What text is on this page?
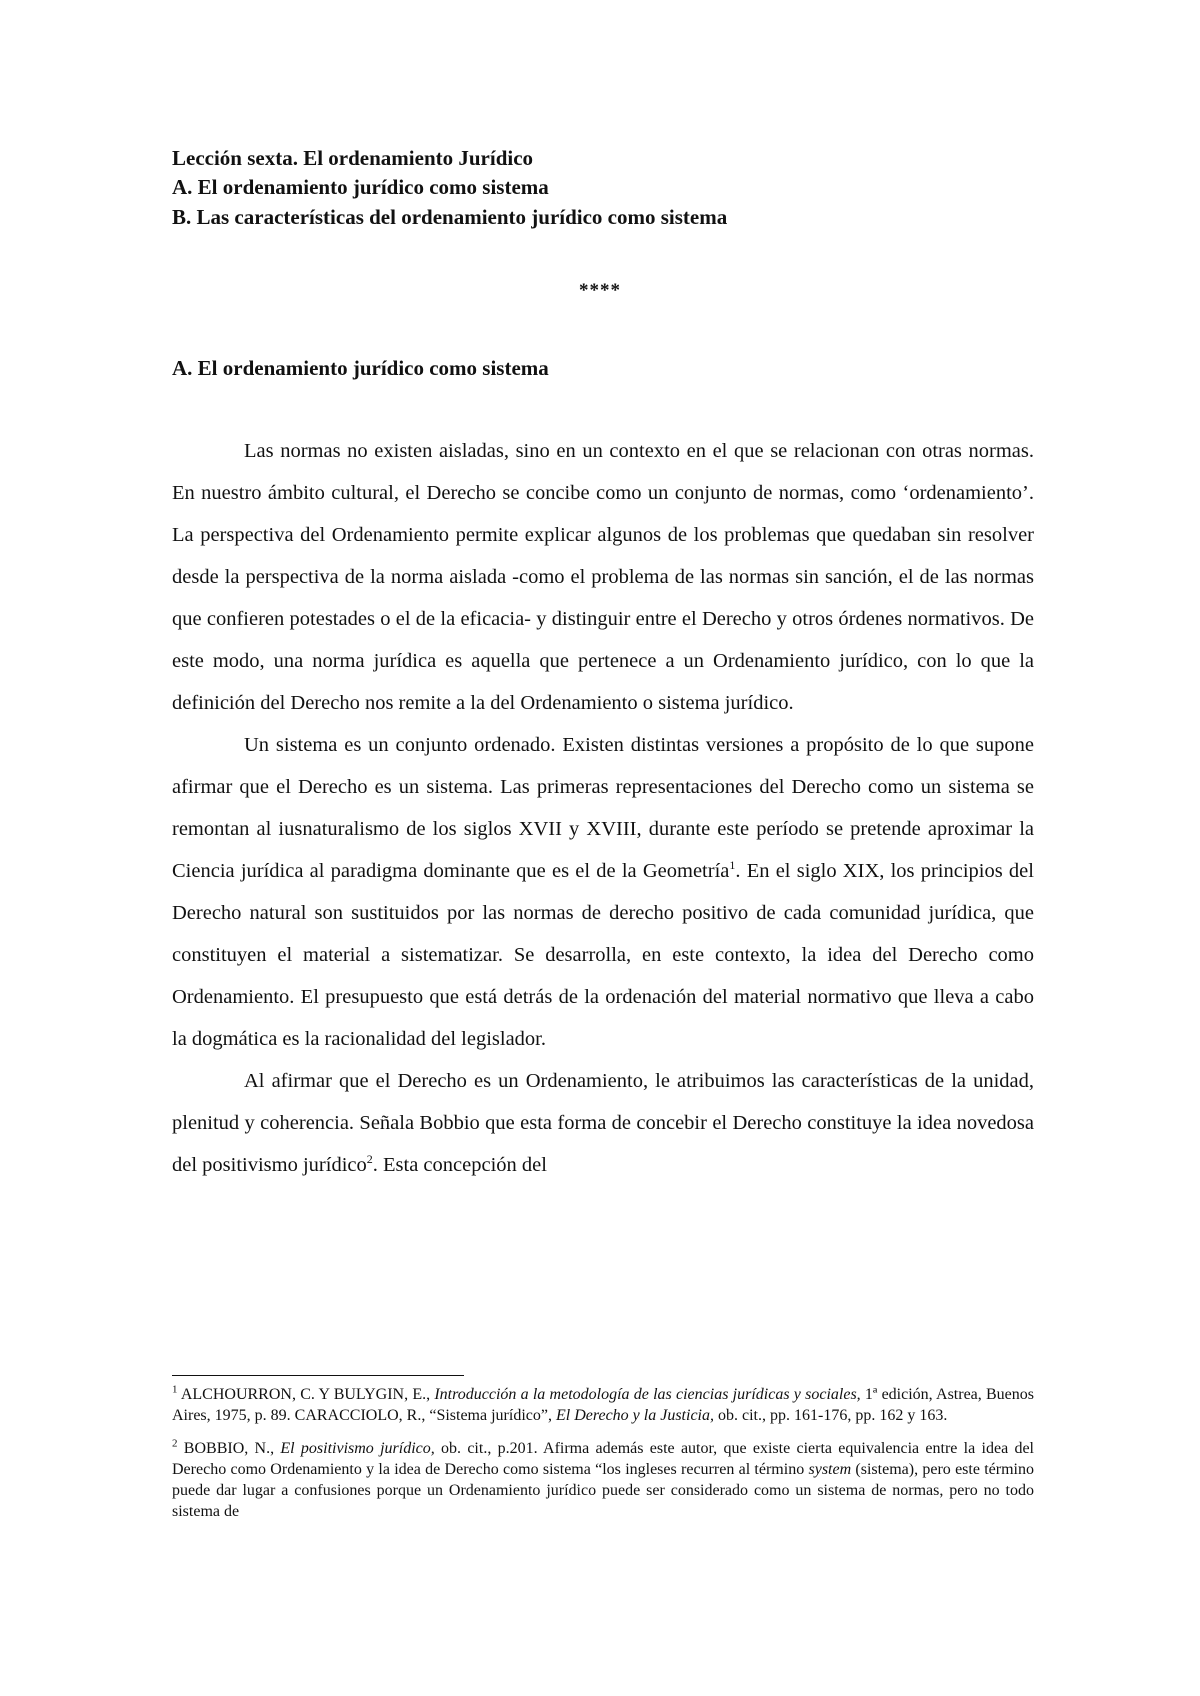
Lección sexta. El ordenamiento Jurídico
A. El ordenamiento jurídico como sistema
B. Las características del ordenamiento jurídico como sistema
****
A. El ordenamiento jurídico como sistema

Las normas no existen aisladas, sino en un contexto en el que se relacionan con otras normas. En nuestro ámbito cultural, el Derecho se concibe como un conjunto de normas, como ‘ordenamiento’. La perspectiva del Ordenamiento permite explicar algunos de los problemas que quedaban sin resolver desde la perspectiva de la norma aislada -como el problema de las normas sin sanción, el de las normas que confieren potestades o el de la eficacia- y distinguir entre el Derecho y otros órdenes normativos. De este modo, una norma jurídica es aquella que pertenece a un Ordenamiento jurídico, con lo que la definición del Derecho nos remite a la del Ordenamiento o sistema jurídico.

Un sistema es un conjunto ordenado. Existen distintas versiones a propósito de lo que supone afirmar que el Derecho es un sistema. Las primeras representaciones del Derecho como un sistema se remontan al iusnaturalismo de los siglos XVII y XVIII, durante este período se pretende aproximar la Ciencia jurídica al paradigma dominante que es el de la Geometría$^1$. En el siglo XIX, los principios del Derecho natural son sustituidos por las normas de derecho positivo de cada comunidad jurídica, que constituyen el material a sistematizar. Se desarrolla, en este contexto, la idea del Derecho como Ordenamiento. El presupuesto que está detrás de la ordenación del material normativo que lleva a cabo la dogmática es la racionalidad del legislador.

Al afirmar que el Derecho es un Ordenamiento, le atribuimos las características de la unidad, plenitud y coherencia. Señala Bobbio que esta forma de concebir el Derecho constituye la idea novedosa del positivismo jurídico$^2$. Esta concepción del

$^1$ ALCHOURRON, C. Y BULYGIN, E., Introducción a la metodología de las ciencias jurídicas y sociales, 1ª edición, Astrea, Buenos Aires, 1975, p. 89. CARACCIOLO, R., “Sistema jurídico”, El Derecho y la Justicia, ob. cit., pp. 161-176, pp. 162 y 163.

$^2$ BOBBIO, N., El positivismo jurídico, ob. cit., p.201. Afirma además este autor, que existe cierta equivalencia entre la idea del Derecho como Ordenamiento y la idea de Derecho como sistema “los ingleses recurren al término system (sistema), pero este término puede dar lugar a confusiones porque un Ordenamiento jurídico puede ser considerado como un sistema de normas, pero no todo sistema de
